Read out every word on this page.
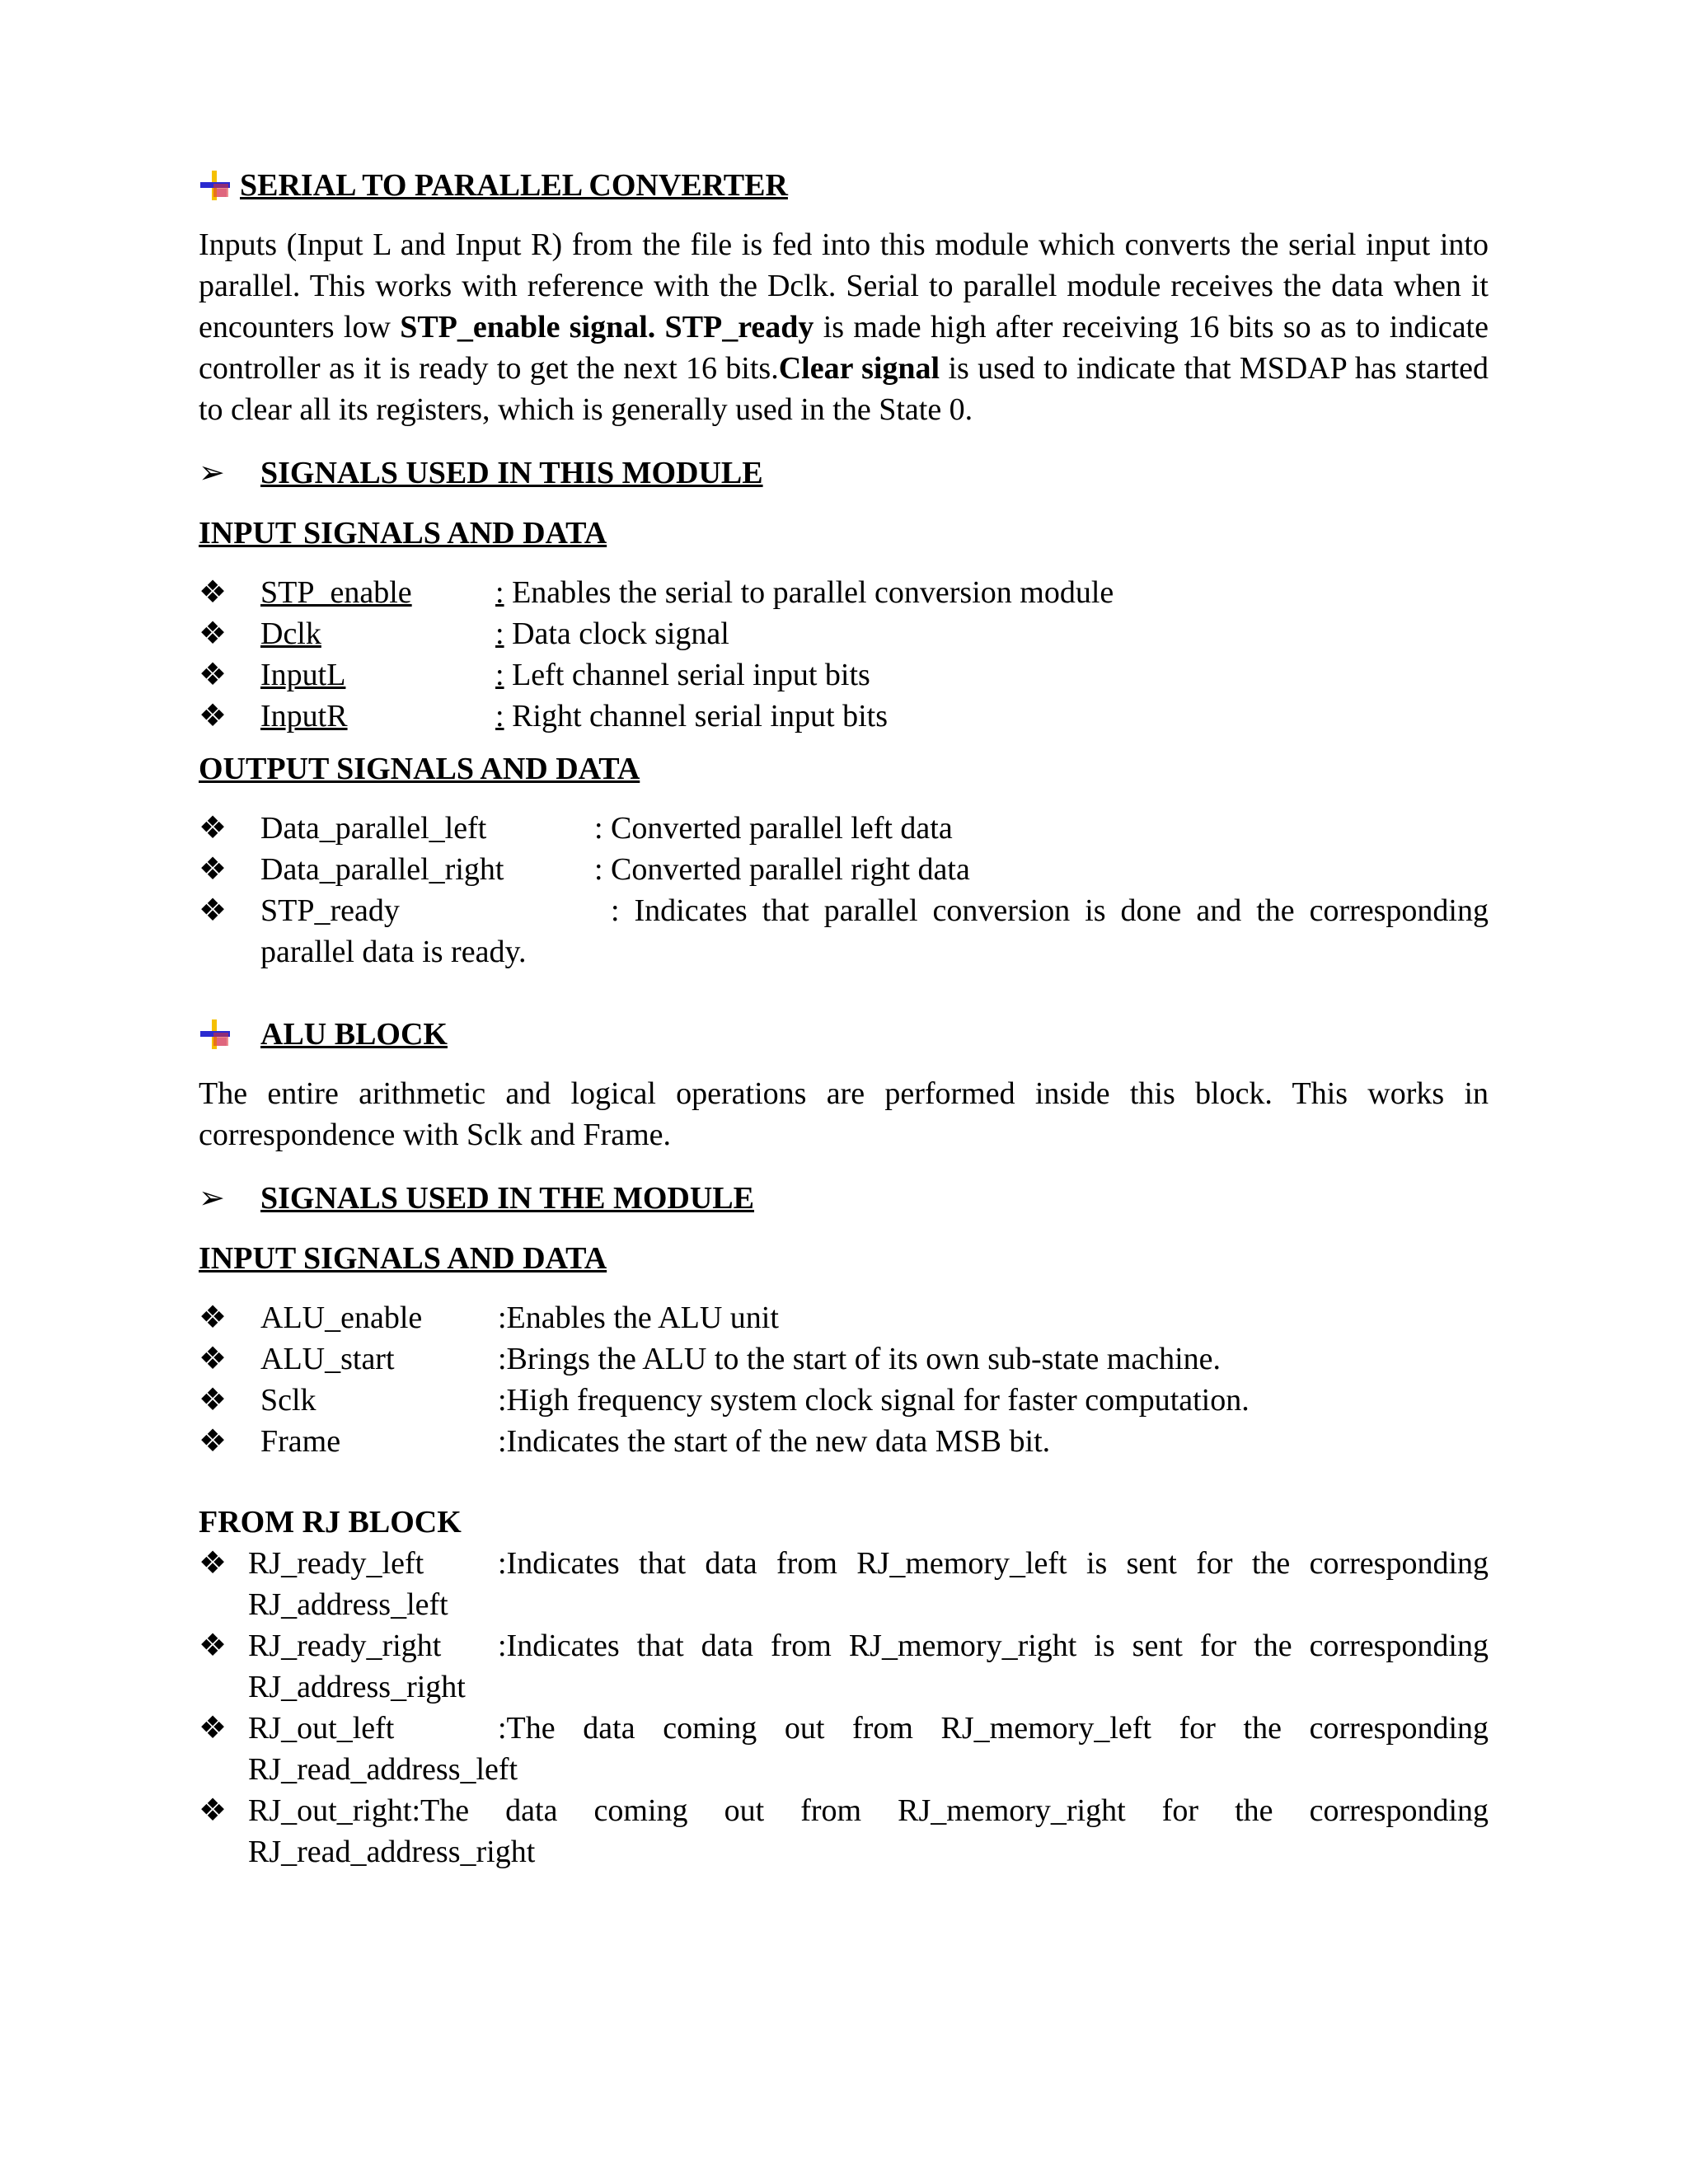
SERIAL TO PARALLEL CONVERTER
Inputs (Input L and Input R) from the file is fed into this module which converts the serial input into parallel. This works with reference with the Dclk. Serial to parallel module receives the data when it encounters low STP_enable signal. STP_ready is made high after receiving 16 bits so as to indicate controller as it is ready to get the next 16 bits.Clear signal is used to indicate that MSDAP has started to clear all its registers, which is generally used in the State 0.
➢	SIGNALS USED IN THIS MODULE
INPUT SIGNALS AND DATA
❖	STP_enable	: Enables the serial to parallel conversion module
❖	Dclk	: Data clock signal
❖	InputL	: Left channel serial input bits
❖	InputR	: Right channel serial input bits
OUTPUT SIGNALS AND DATA
❖	Data_parallel_left	: Converted parallel left data
❖	Data_parallel_right	: Converted parallel right data
❖	STP_ready	: Indicates that parallel conversion is done and the corresponding
parallel data is ready.
ALU BLOCK
The entire arithmetic and logical operations are performed inside this block. This works in correspondence with Sclk and Frame.
➢	SIGNALS USED IN THE MODULE
INPUT SIGNALS AND DATA
❖	ALU_enable	:Enables the ALU unit
❖	ALU_start	:Brings the ALU to the start of its own sub-state machine.
❖	Sclk	:High frequency system clock signal for faster computation.
❖	Frame	:Indicates the start of the new data MSB bit.
FROM RJ BLOCK
❖ RJ_ready_left	:Indicates that data from RJ_memory_left is sent for the corresponding
RJ_address_left
❖ RJ_ready_right	:Indicates that data from RJ_memory_right is sent for the corresponding
RJ_address_right
❖ RJ_out_left	:The data coming out from RJ_memory_left for the corresponding
RJ_read_address_left
❖ RJ_out_right:The data coming out from RJ_memory_right for the corresponding
RJ_read_address_right
